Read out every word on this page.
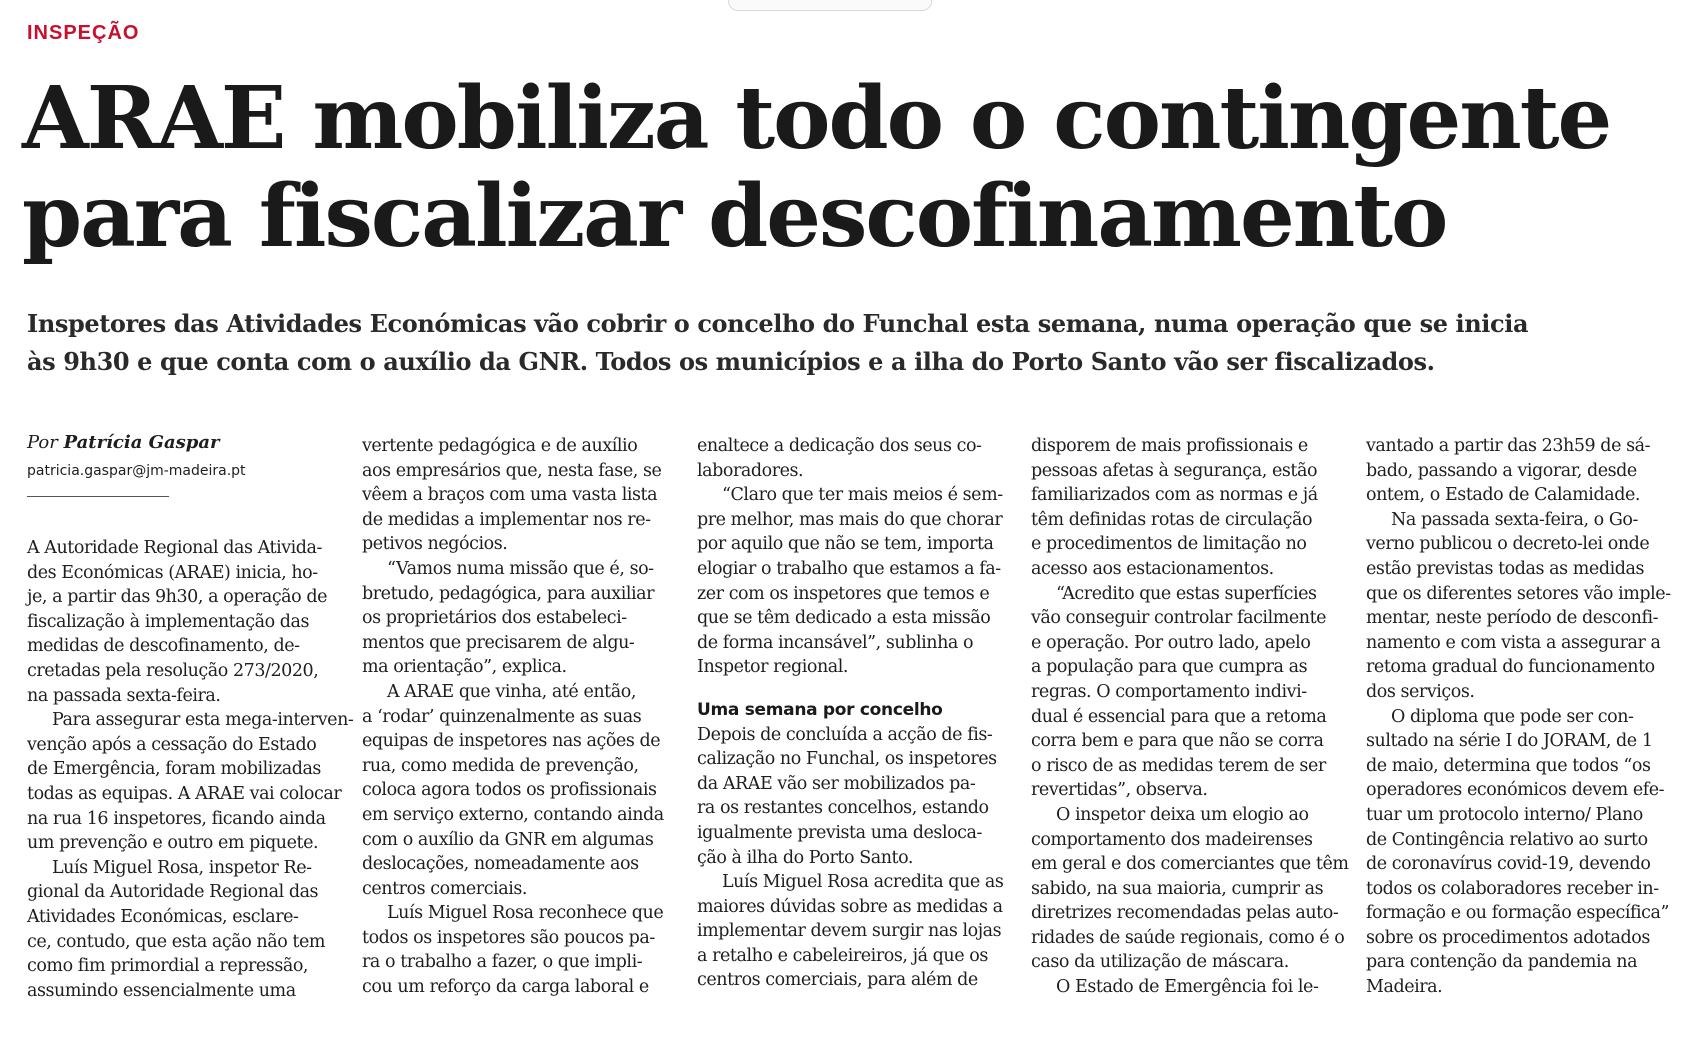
INSPEÇÃO
ARAE mobiliza todo o contingente
para fiscalizar descofinamento

Inspetores das Atividades Económicas vão cobrir o concelho do Funchal esta semana, numa operação que se inicia
às 9h30 e que conta com o auxílio da GNR. Todos os municípios e a ilha do Porto Santo vão ser fiscalizados.

Por Patrícia Gaspar
patricia.gaspar@jm-madeira.pt
A Autoridade Regional das Ativida-
des Económicas (ARAE) inicia, ho-
je, a partir das 9h30, a operação de
fiscalização à implementação das
medidas de descofinamento, de-
cretadas pela resolução 273/2020,
na passada sexta-feira.
Para assegurar esta mega-interven-
venção após a cessação do Estado
de Emergência, foram mobilizadas
todas as equipas. A ARAE vai colocar
na rua 16 inspetores, ficando ainda
um prevenção e outro em piquete.
Luís Miguel Rosa, inspetor Re-
gional da Autoridade Regional das
Atividades Económicas, esclare-
ce, contudo, que esta ação não tem
como fim primordial a repressão,
assumindo essencialmente uma
vertente pedagógica e de auxílio
aos empresários que, nesta fase, se
vêem a braços com uma vasta lista
de medidas a implementar nos re-
petivos negócios.
“Vamos numa missão que é, so-
bretudo, pedagógica, para auxiliar
os proprietários dos estabeleci-
mentos que precisarem de algu-
ma orientação”, explica.
A ARAE que vinha, até então,
a ‘rodar’ quinzenalmente as suas
equipas de inspetores nas ações de
rua, como medida de prevenção,
coloca agora todos os profissionais
em serviço externo, contando ainda
com o auxílio da GNR em algumas
deslocações, nomeadamente aos
centros comerciais.
Luís Miguel Rosa reconhece que
todos os inspetores são poucos pa-
ra o trabalho a fazer, o que impli-
cou um reforço da carga laboral e
enaltece a dedicação dos seus co-
laboradores.
“Claro que ter mais meios é sem-
pre melhor, mas mais do que chorar
por aquilo que não se tem, importa
elogiar o trabalho que estamos a fa-
zer com os inspetores que temos e
que se têm dedicado a esta missão
de forma incansável”, sublinha o
Inspetor regional.
Uma semana por concelho
Depois de concluída a acção de fis-
calização no Funchal, os inspetores
da ARAE vão ser mobilizados pa-
ra os restantes concelhos, estando
igualmente prevista uma desloca-
ção à ilha do Porto Santo.
Luís Miguel Rosa acredita que as
maiores dúvidas sobre as medidas a
implementar devem surgir nas lojas
a retalho e cabeleireiros, já que os
centros comerciais, para além de
disporem de mais profissionais e
pessoas afetas à segurança, estão
familiarizados com as normas e já
têm definidas rotas de circulação
e procedimentos de limitação no
acesso aos estacionamentos.
“Acredito que estas superfícies
vão conseguir controlar facilmente
e operação. Por outro lado, apelo
a população para que cumpra as
regras. O comportamento indivi-
dual é essencial para que a retoma
corra bem e para que não se corra
o risco de as medidas terem de ser
revertidas”, observa.
O inspetor deixa um elogio ao
comportamento dos madeirenses
em geral e dos comerciantes que têm
sabido, na sua maioria, cumprir as
diretrizes recomendadas pelas auto-
ridades de saúde regionais, como é o
caso da utilização de máscara.
O Estado de Emergência foi le-
vantado a partir das 23h59 de sá-
bado, passando a vigorar, desde
ontem, o Estado de Calamidade.
Na passada sexta-feira, o Go-
verno publicou o decreto-lei onde
estão previstas todas as medidas
que os diferentes setores vão imple-
mentar, neste período de desconfi-
namento e com vista a assegurar a
retoma gradual do funcionamento
dos serviços.
O diploma que pode ser con-
sultado na série I do JORAM, de 1
de maio, determina que todos “os
operadores económicos devem efe-
tuar um protocolo interno/ Plano
de Contingência relativo ao surto
de coronavírus covid-19, devendo
todos os colaboradores receber in-
formação e ou formação específica”
sobre os procedimentos adotados
para contenção da pandemia na
Madeira.
